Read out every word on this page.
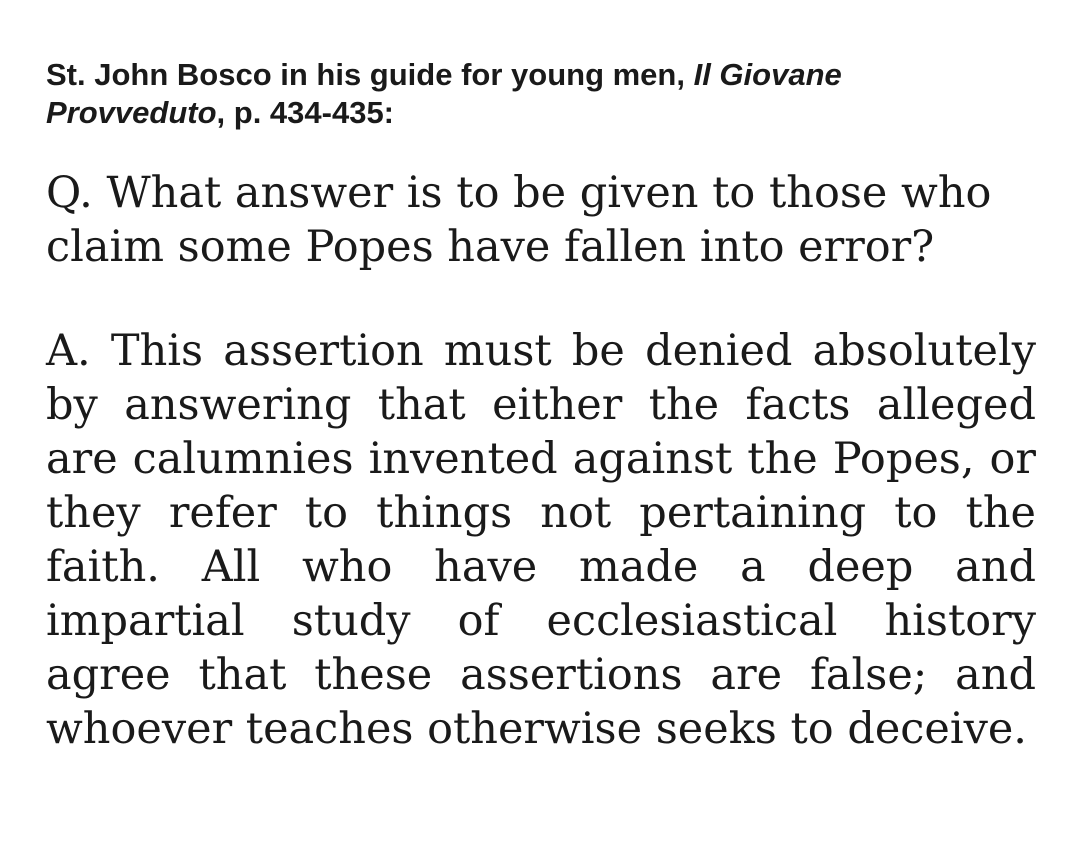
St. John Bosco in his guide for young men, Il Giovane
Provveduto, p. 434-435:

Q. What answer is to be given to those who claim some Popes have fallen into error?

A. This assertion must be denied absolutely by answering that either the facts alleged are calumnies invented against the Popes, or they refer to things not pertaining to the faith. All who have made a deep and impartial study of ecclesiastical history agree that these assertions are false; and whoever teaches otherwise seeks to deceive.
